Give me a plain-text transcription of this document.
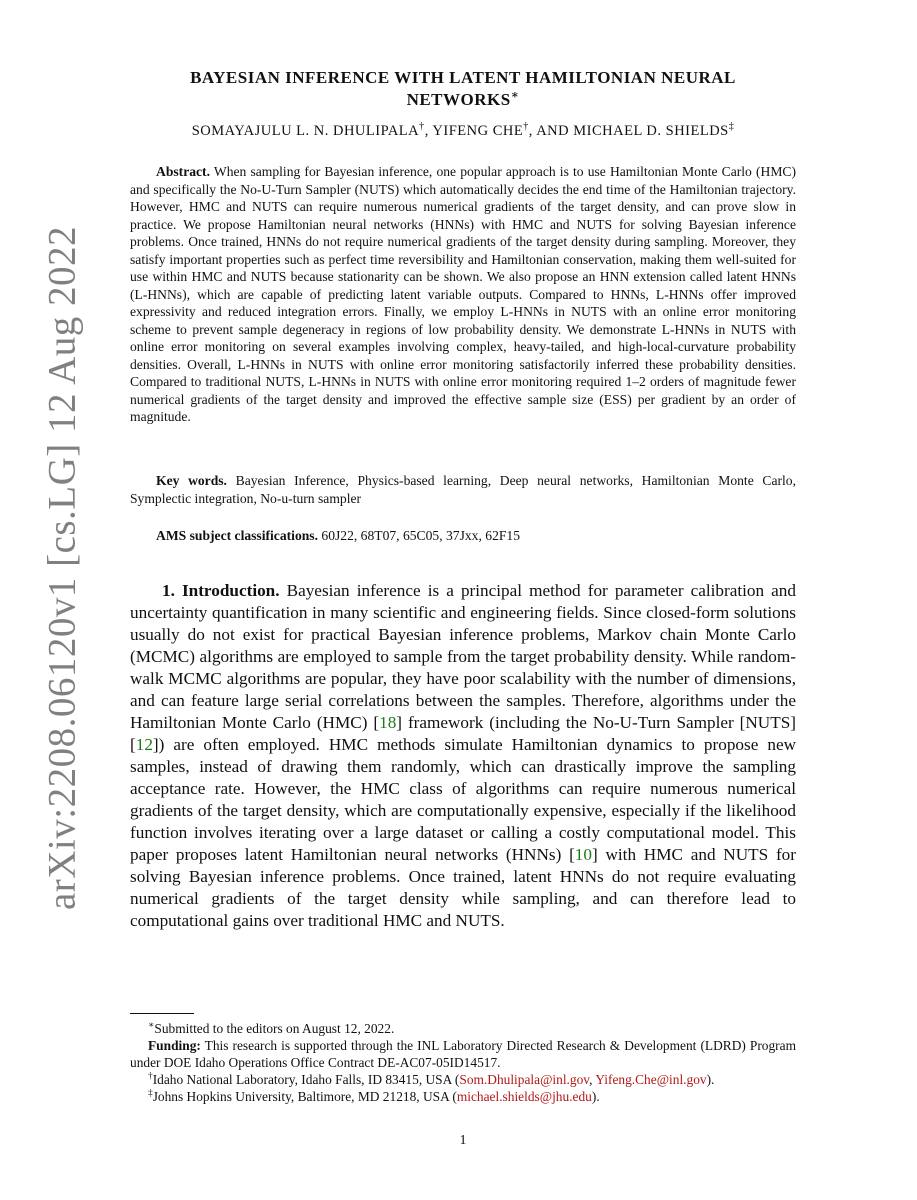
arXiv:2208.06120v1 [cs.LG] 12 Aug 2022
BAYESIAN INFERENCE WITH LATENT HAMILTONIAN NEURAL
NETWORKS∗
SOMAYAJULU L. N. DHULIPALA†, YIFENG CHE†, AND MICHAEL D. SHIELDS‡
Abstract. When sampling for Bayesian inference, one popular approach is to use Hamiltonian Monte Carlo (HMC) and specifically the No-U-Turn Sampler (NUTS) which automatically decides the end time of the Hamiltonian trajectory. However, HMC and NUTS can require numerous numerical gradients of the target density, and can prove slow in practice. We propose Hamiltonian neural networks (HNNs) with HMC and NUTS for solving Bayesian inference problems. Once trained, HNNs do not require numerical gradients of the target density during sampling. Moreover, they satisfy important properties such as perfect time reversibility and Hamiltonian conservation, making them well-suited for use within HMC and NUTS because stationarity can be shown. We also propose an HNN extension called latent HNNs (L-HNNs), which are capable of predicting latent variable outputs. Compared to HNNs, L-HNNs offer improved expressivity and reduced integration errors. Finally, we employ L-HNNs in NUTS with an online error monitoring scheme to prevent sample degeneracy in regions of low probability density. We demonstrate L-HNNs in NUTS with online error monitoring on several examples involving complex, heavy-tailed, and high-local-curvature probability densities. Overall, L-HNNs in NUTS with online error monitoring satisfactorily inferred these probability densities. Compared to traditional NUTS, L-HNNs in NUTS with online error monitoring required 1–2 orders of magnitude fewer numerical gradients of the target density and improved the effective sample size (ESS) per gradient by an order of magnitude.
Key words. Bayesian Inference, Physics-based learning, Deep neural networks, Hamiltonian Monte Carlo, Symplectic integration, No-u-turn sampler
AMS subject classifications. 60J22, 68T07, 65C05, 37Jxx, 62F15
1. Introduction. Bayesian inference is a principal method for parameter calibration and uncertainty quantification in many scientific and engineering fields. Since closed-form solutions usually do not exist for practical Bayesian inference problems, Markov chain Monte Carlo (MCMC) algorithms are employed to sample from the target probability density. While random-walk MCMC algorithms are popular, they have poor scalability with the number of dimensions, and can feature large serial correlations between the samples. Therefore, algorithms under the Hamiltonian Monte Carlo (HMC) [18] framework (including the No-U-Turn Sampler [NUTS] [12]) are often employed. HMC methods simulate Hamiltonian dynamics to propose new samples, instead of drawing them randomly, which can drastically improve the sampling acceptance rate. However, the HMC class of algorithms can require numerous numerical gradients of the target density, which are computationally expensive, especially if the likelihood function involves iterating over a large dataset or calling a costly computational model. This paper proposes latent Hamiltonian neural networks (HNNs) [10] with HMC and NUTS for solving Bayesian inference problems. Once trained, latent HNNs do not require evaluating numerical gradients of the target density while sampling, and can therefore lead to computational gains over traditional HMC and NUTS.

∗Submitted to the editors on August 12, 2022.

Funding: This research is supported through the INL Laboratory Directed Research & Development (LDRD) Program under DOE Idaho Operations Office Contract DE-AC07-05ID14517.

†Idaho National Laboratory, Idaho Falls, ID 83415, USA (Som.Dhulipala@inl.gov, Yifeng.Che@inl.gov).

‡Johns Hopkins University, Baltimore, MD 21218, USA (michael.shields@jhu.edu).

1
